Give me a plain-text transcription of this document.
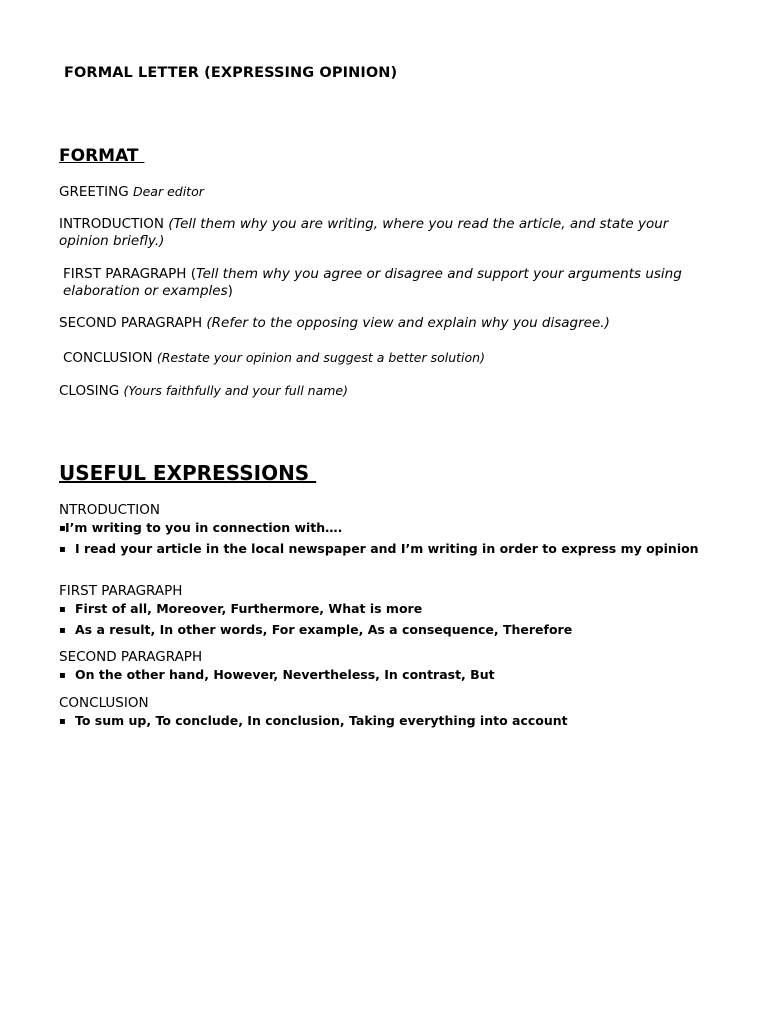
FORMAL LETTER (EXPRESSING OPINION)
FORMAT
GREETING Dear editor
INTRODUCTION (Tell them why you are writing, where you read the article, and state your opinion briefly.)
FIRST PARAGRAPH (Tell them why you agree or disagree and support your arguments using elaboration or examples)
SECOND PARAGRAPH (Refer to the opposing view and explain why you disagree.)
CONCLUSION (Restate your opinion and suggest a better solution)
CLOSING (Yours faithfully and your full name)
USEFUL EXPRESSIONS
NTRODUCTION
▪I’m writing to you in connection with….
▪ I read your article in the local newspaper and I’m writing in order to express my opinion
FIRST PARAGRAPH
▪ First of all, Moreover, Furthermore, What is more
▪ As a result, In other words, For example, As a consequence, Therefore
SECOND PARAGRAPH
▪ On the other hand, However, Nevertheless, In contrast, But
CONCLUSION
▪ To sum up, To conclude, In conclusion, Taking everything into account
